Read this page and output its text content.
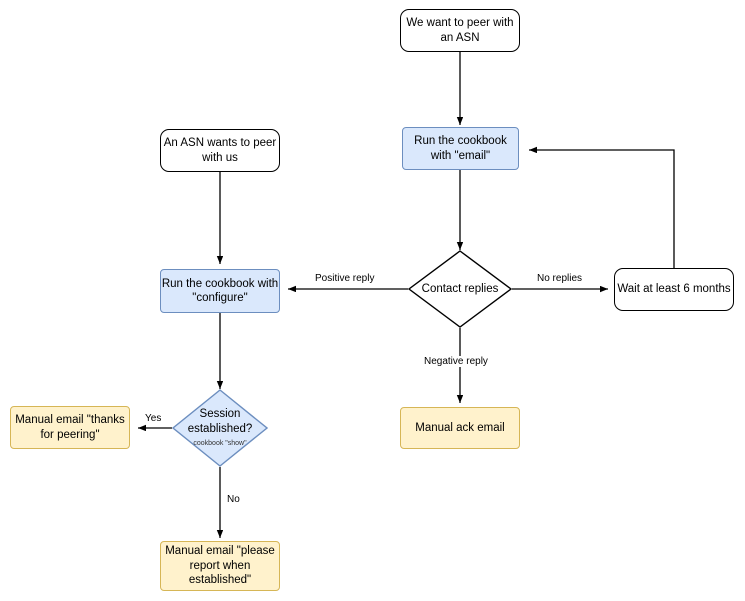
We want to peer with an ASN
An ASN wants to peer with us
Run the cookbook with "email"
Run the cookbook with "configure"
Contact replies	Wait at least 6 months
Manual ack email
Session established?
cookbook "show"
Manual email "thanks for peering"
Manual email "please report when established"
Positive reply	No replies
Negative reply
Yes
No
